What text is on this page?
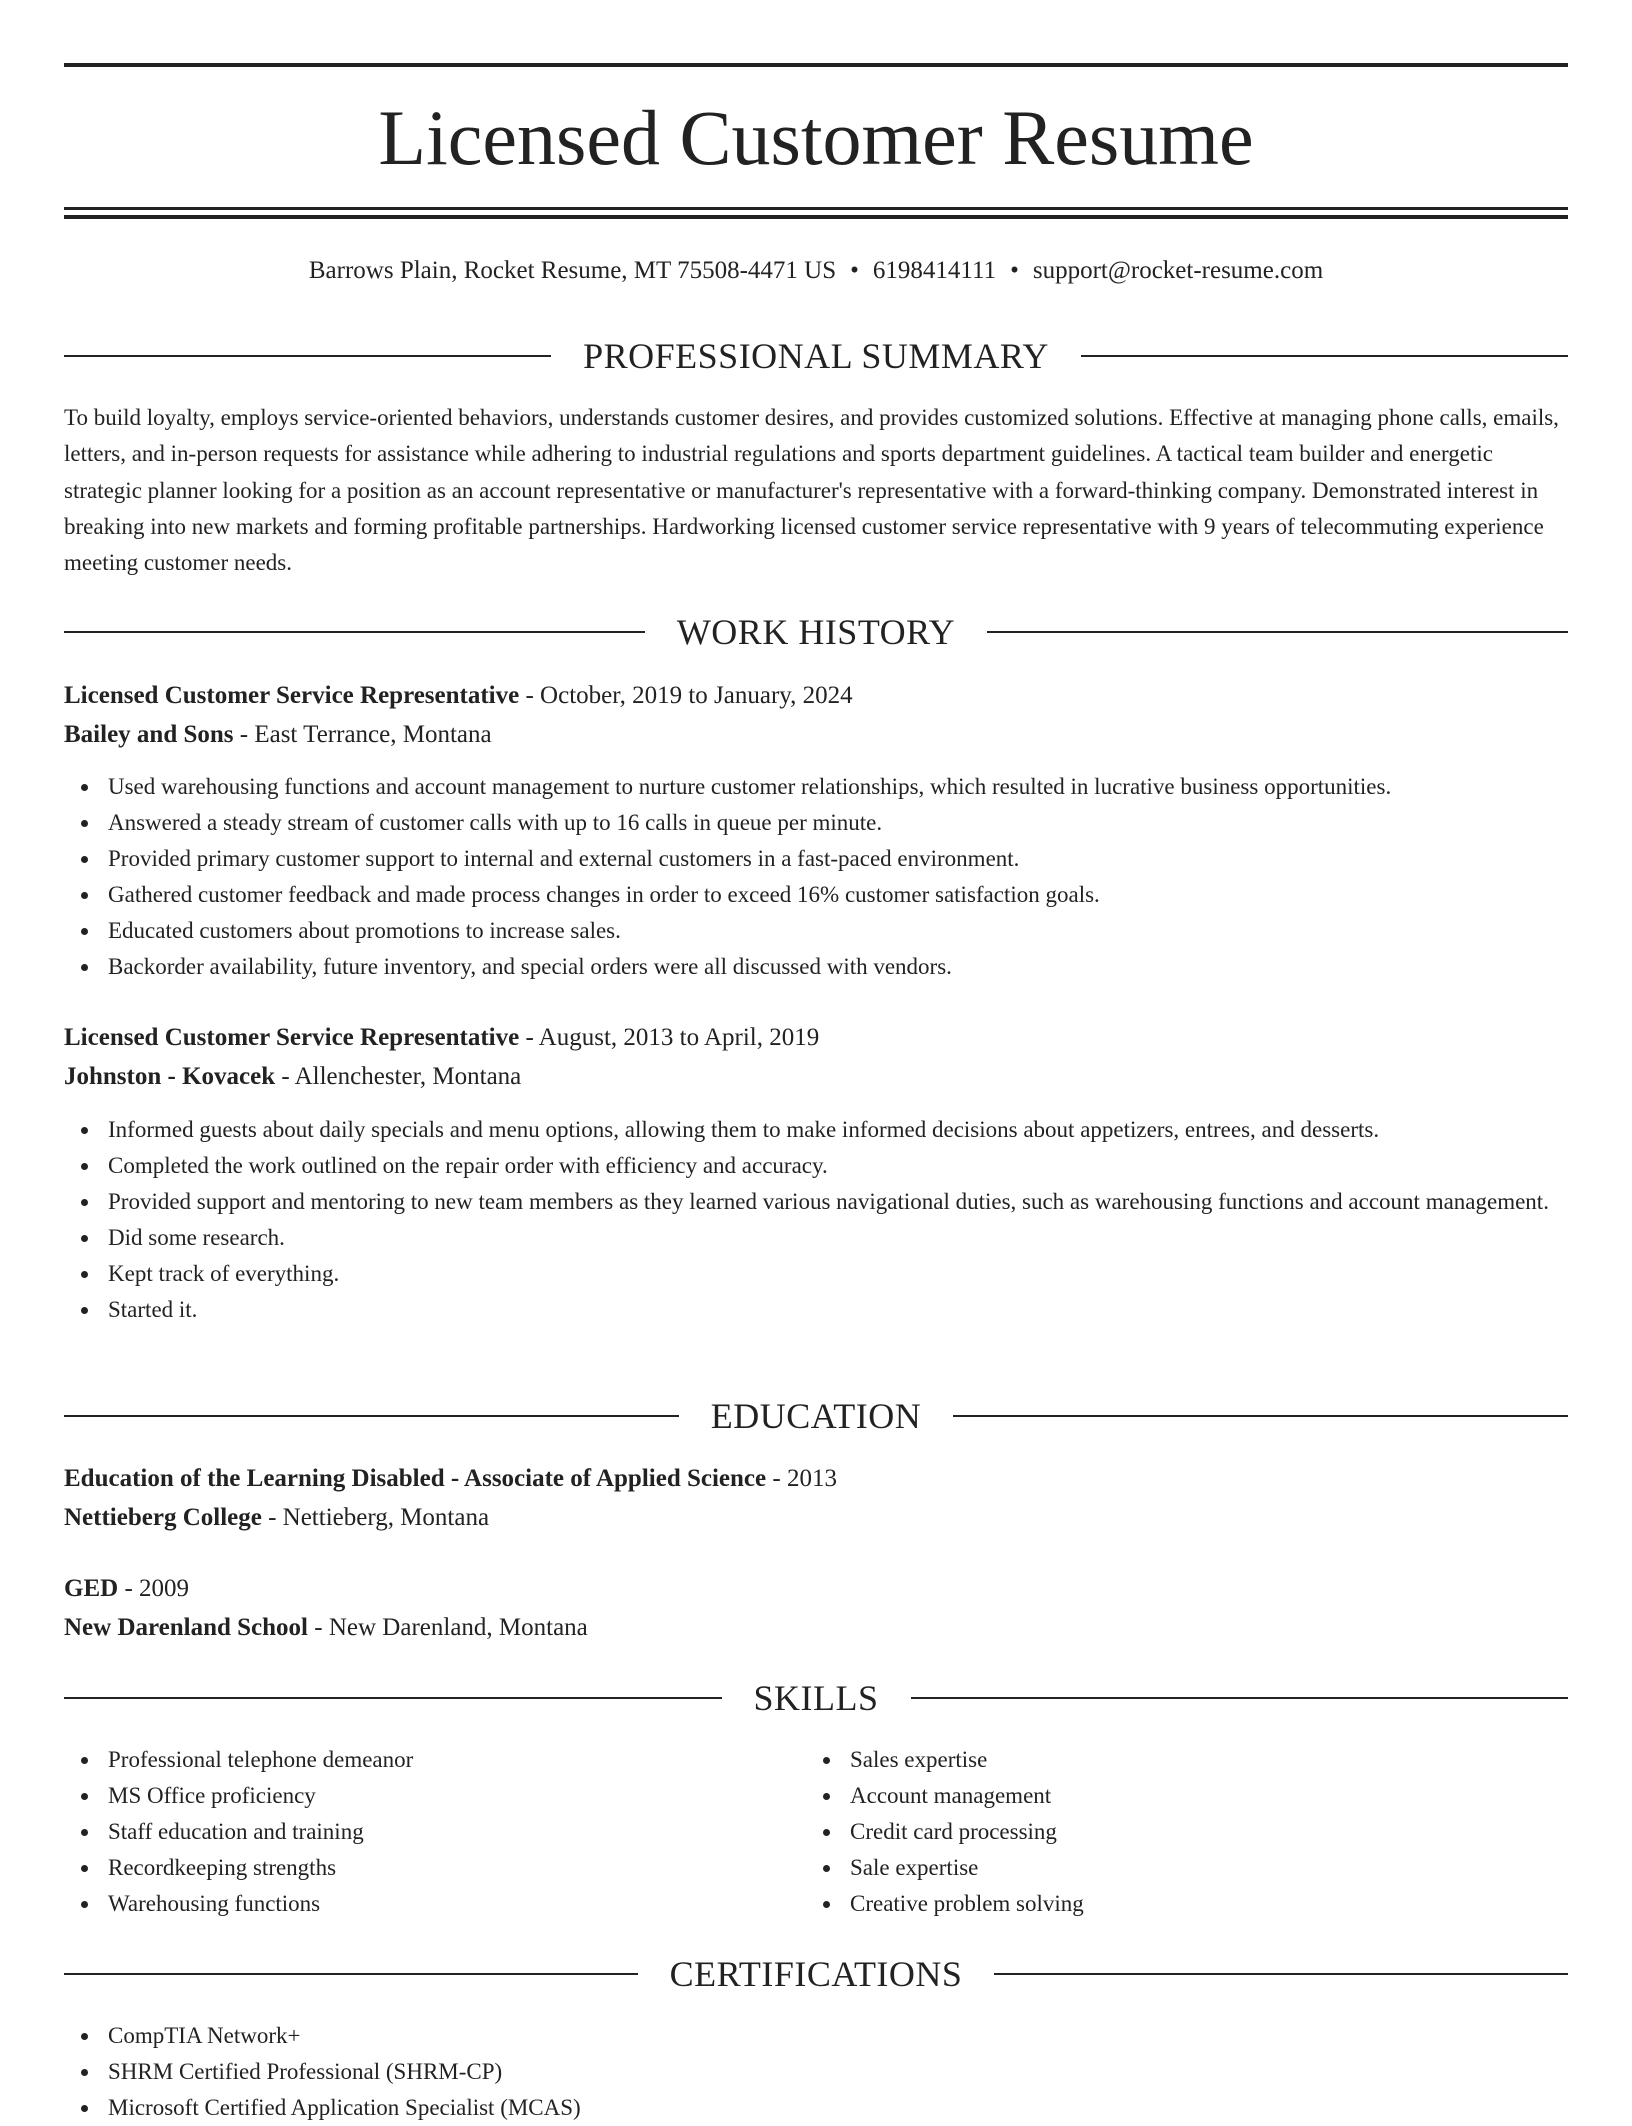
Licensed Customer Resume
Barrows Plain, Rocket Resume, MT 75508-4471 US • 6198414111 • support@rocket-resume.com
PROFESSIONAL SUMMARY
To build loyalty, employs service-oriented behaviors, understands customer desires, and provides customized solutions. Effective at managing phone calls, emails, letters, and in-person requests for assistance while adhering to industrial regulations and sports department guidelines. A tactical team builder and energetic strategic planner looking for a position as an account representative or manufacturer's representative with a forward-thinking company. Demonstrated interest in breaking into new markets and forming profitable partnerships. Hardworking licensed customer service representative with 9 years of telecommuting experience meeting customer needs.
WORK HISTORY
Licensed Customer Service Representative - October, 2019 to January, 2024
Bailey and Sons - East Terrance, Montana
Used warehousing functions and account management to nurture customer relationships, which resulted in lucrative business opportunities.
Answered a steady stream of customer calls with up to 16 calls in queue per minute.
Provided primary customer support to internal and external customers in a fast-paced environment.
Gathered customer feedback and made process changes in order to exceed 16% customer satisfaction goals.
Educated customers about promotions to increase sales.
Backorder availability, future inventory, and special orders were all discussed with vendors.
Licensed Customer Service Representative - August, 2013 to April, 2019
Johnston - Kovacek - Allenchester, Montana
Informed guests about daily specials and menu options, allowing them to make informed decisions about appetizers, entrees, and desserts.
Completed the work outlined on the repair order with efficiency and accuracy.
Provided support and mentoring to new team members as they learned various navigational duties, such as warehousing functions and account management.
Did some research.
Kept track of everything.
Started it.
EDUCATION
Education of the Learning Disabled - Associate of Applied Science - 2013
Nettieberg College - Nettieberg, Montana
GED - 2009
New Darenland School - New Darenland, Montana
SKILLS
Professional telephone demeanor
MS Office proficiency
Staff education and training
Recordkeeping strengths
Warehousing functions
Sales expertise
Account management
Credit card processing
Sale expertise
Creative problem solving
CERTIFICATIONS
CompTIA Network+
SHRM Certified Professional (SHRM-CP)
Microsoft Certified Application Specialist (MCAS)
